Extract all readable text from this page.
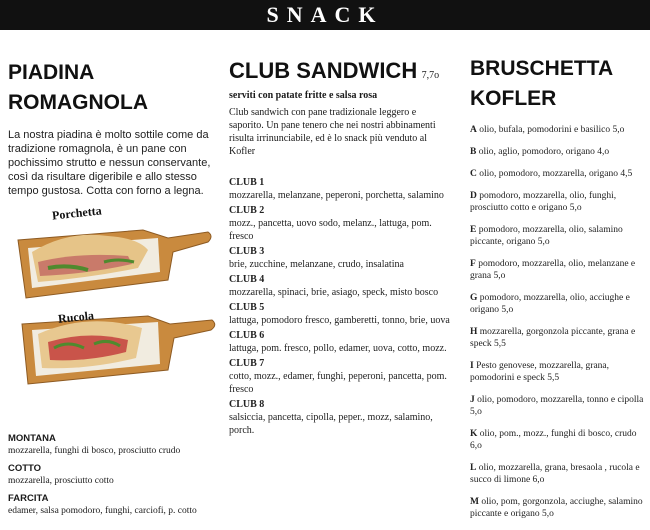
SNACK
PIADINA ROMAGNOLA
La nostra piadina è molto sottile come da tradizione romagnola, è un pane con pochissimo strutto e nessun conservante, così da risultare digeribile e allo stesso tempo gustosa. Cotta con forno a legna.
Porchetta
Rucola

MONTANA

mozzarella, funghi di bosco, prosciutto crudo

COTTO

mozzarella, prosciutto cotto

FARCITA

edamer, salsa pomodoro, funghi, carciofi, p. cotto

CLUB SANDWICH 7,7o
serviti con patate fritte e salsa rosa
Club sandwich con pane tradizionale leggero e saporito. Un pane tenero che nei nostri abbinamenti risulta irrinunciabile, ed è lo snack più venduto al Kofler

CLUB 1

mozzarella, melanzane, peperoni, porchetta, salamino

CLUB 2

mozz., pancetta, uovo sodo, melanz., lattuga, pom. fresco

CLUB 3

brie, zucchine, melanzane, crudo, insalatina

CLUB 4

mozzarella, spinaci, brie, asiago, speck, misto bosco

CLUB 5

lattuga, pomodoro fresco, gamberetti, tonno, brie, uova

CLUB 6

lattuga, pom. fresco, pollo, edamer, uova, cotto, mozz.

CLUB 7

cotto, mozz., edamer, funghi, peperoni, pancetta, pom. fresco

CLUB 8

salsiccia, pancetta, cipolla, peper., mozz, salamino, porch.

BRUSCHETTA
KOFLER

A olio, bufala, pomodorini e basilico 5,o

B olio, aglio, pomodoro, origano 4,o

C olio, pomodoro, mozzarella, origano 4,5

D pomodoro, mozzarella, olio, funghi, prosciutto cotto e origano 5,o

E pomodoro, mozzarella, olio, salamino piccante, origano 5,o

F pomodoro, mozzarella, olio, melanzane e grana 5,o

G pomodoro, mozzarella, olio, acciughe e origano 5,o

H mozzarella, gorgonzola piccante, grana e speck 5,5

I Pesto genovese, mozzarella, grana, pomodorini e speck 5,5

J olio, pomodoro, mozzarella, tonno e cipolla 5,o

K olio, pom., mozz., funghi di bosco, crudo 6,o

L olio, mozzarella, grana, bresaola , rucola e succo di limone 6,o

M olio, pom, gorgonzola, acciughe, salamino piccante e origano 5,o
